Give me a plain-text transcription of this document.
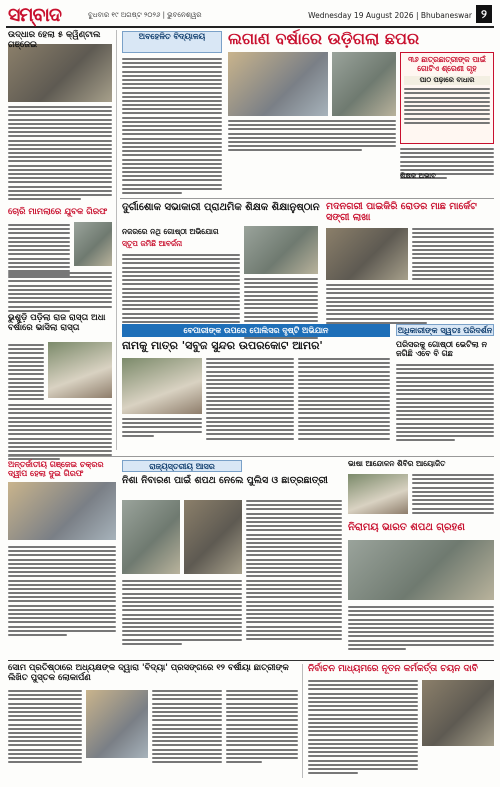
ସମ୍ବାଦ	ବୁଧବାର ୧୯ ଅଗଷ୍ଟ ୨୦୨୬ | ଭୁବନେଶ୍ୱର	Wednesday 19 August 2026 | Bhubaneswar ୨
ଉଦ୍ଧାର ହେଲା ୫ କ୍ୱିଣ୍ଟାଲ ଗଞ୍ଜେଇ
ଚୋରି ମାମଲାରେ ଯୁବକ ଗିରଫ
ଭୁଶୁଡ଼ି ପଡ଼ିଲା ରାଜ ରାସ୍ତା ଅଧା ବର୍ଷାରେ ଭାସିଲା ରାସ୍ତା
ଅବହେଳିତ ବିଦ୍ୟାଳୟ	ଲଗାଣ ବର୍ଷାରେ ଉଡ଼ିଗଲା ଛପର
୩୬ ଛାତ୍ରଛାତ୍ରୀଙ୍କ ପାଇଁ ଗୋଟିଏ ଶ୍ରେଣୀ ଗୃହ
ପାଠ ପଢ଼ାରେ ବାଧାର
ଶିକ୍ଷକ ଅଭାବ
ଦୁର୍ଗାଶୋକ ସଭାକାରୀ ପ୍ରାଥମିକ ଶିକ୍ଷକ ଶିକ୍ଷାନୁଷ୍ଠାନ
ନଜରରେ ନଥି ଗୋଷ୍ଠୀ ଅଭିଯୋଗ
ସ୍ତୂପ ଜମିଛି ଆବର୍ଜନା
ମଦନଗରୀ ପାଇକିରି ରୋଡର ମାଛ ମାର୍କେଟ ସଙ୍ଗୀ ଲାଖା
ବେପାରୀଙ୍କ ଉପରେ ପୋଲିସର ଦୃଷ୍ଟି ଅଭିଯାନ
ନାମକୁ ମାତ୍ର 'ସବୁଜ ସୁନ୍ଦର ଉପରକୋଟ ଆମର'
ଅଧିକାରୀଙ୍କ ସ୍ୱତଃ ପରିଦର୍ଶନ
ପରିସରକୁ ଗୋଷ୍ଠୀ ଭେଟିଲା ନ ଜଗିଛି ଏବେ ବି ଗଛ
ଅନ୍ତର୍ଜାତୀୟ ଗଞ୍ଜେଇ ଚକ୍ରର ଦ୍ୱୀପ ହେଲା ଦୁଇ ଗିରଫ
ରାଜ୍ୟସ୍ତରୀୟ ଆସର
ନିଶା ନିବାରଣ ପାଇଁ ଶପଥ ନେଲେ ପୁଲିସ ଓ ଛାତ୍ରଛାତ୍ରୀ
ଭାଷା ଆନ୍ଦୋଳନ ଶିବିର ଆୟୋଜିତ
ନିରାମୟ ଭାରତ ଶପଥ ଗ୍ରହଣ
ସୋମ ପ୍ରତିଷ୍ଠାରେ ଅଧ୍ୟକ୍ଷଙ୍କ ଦ୍ୱାରା 'ବିଦ୍ୟା' ପ୍ରସଙ୍ଗରେ ୧୨ ବର୍ଷୀୟା ଛାତ୍ରୀଙ୍କ ଲିଖିତ ପୁସ୍ତକ ଲୋକାର୍ପଣ
ନିର୍ବାଚନ ମାଧ୍ୟମରେ ନୂତନ କର୍ମକର୍ତ୍ତା ଚୟନ ଦାବି
